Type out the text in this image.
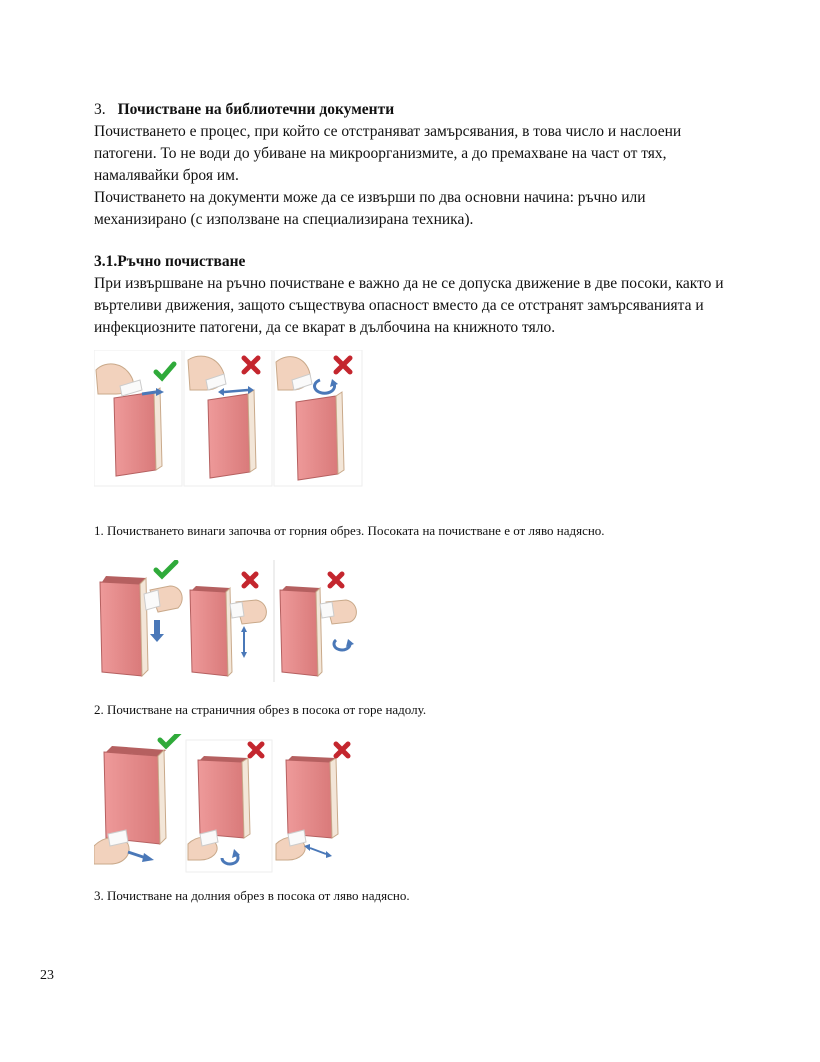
3. Почистване на библиотечни документи
Почистването е процес, при който се отстраняват замърсявания, в това число и наслоени патогени. То не води до убиване на микроорганизмите, а до премахване на част от тях, намалявайки броя им.
Почистването на документи може да се извърши по два основни начина: ръчно или механизирано (с използване на специализирана техника).
3.1.Ръчно почистване
При извършване на ръчно почистване е важно да не се допуска движение в две посоки, както и въртеливи движения, защото съществува опасност вместо да се отстранят замърсяванията и инфекциозните патогени, да се вкарат в дълбочина на книжното тяло.
1. Почистването винаги започва от горния обрез. Посоката на почистване е от ляво надясно.
2. Почистване на страничния обрез в посока от горе надолу.
3. Почистване на долния обрез в посока от ляво надясно.
23
